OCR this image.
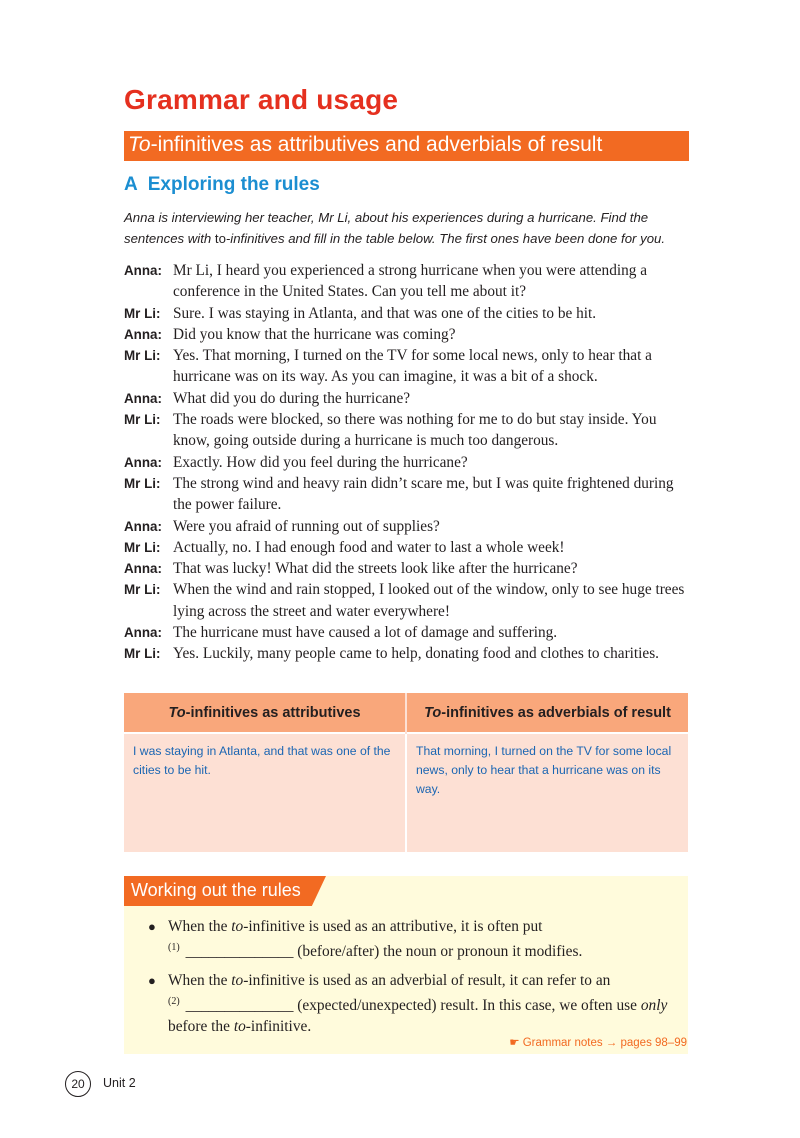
Grammar and usage
To-infinitives as attributives and adverbials of result
A Exploring the rules
Anna is interviewing her teacher, Mr Li, about his experiences during a hurricane. Find the sentences with to-infinitives and fill in the table below. The first ones have been done for you.
Anna: Mr Li, I heard you experienced a strong hurricane when you were attending a conference in the United States. Can you tell me about it?
Mr Li: Sure. I was staying in Atlanta, and that was one of the cities to be hit.
Anna: Did you know that the hurricane was coming?
Mr Li: Yes. That morning, I turned on the TV for some local news, only to hear that a hurricane was on its way. As you can imagine, it was a bit of a shock.
Anna: What did you do during the hurricane?
Mr Li: The roads were blocked, so there was nothing for me to do but stay inside. You know, going outside during a hurricane is much too dangerous.
Anna: Exactly. How did you feel during the hurricane?
Mr Li: The strong wind and heavy rain didn’t scare me, but I was quite frightened during the power failure.
Anna: Were you afraid of running out of supplies?
Mr Li: Actually, no. I had enough food and water to last a whole week!
Anna: That was lucky! What did the streets look like after the hurricane?
Mr Li: When the wind and rain stopped, I looked out of the window, only to see huge trees lying across the street and water everywhere!
Anna: The hurricane must have caused a lot of damage and suffering.
Mr Li: Yes. Luckily, many people came to help, donating food and clothes to charities.
To-infinitives as attributives	To-infinitives as adverbials of result
I was staying in Atlanta, and that was one of the cities to be hit.	That morning, I turned on the TV for some local news, only to hear that a hurricane was on its way.
Working out the rules
● When the to-infinitive is used as an attributive, it is often put
$^{(1)}$ ______________ (before/after) the noun or pronoun it modifies.
● When the to-infinitive is used as an adverbial of result, it can refer to an
$^{(2)}$ ______________ (expected/unexpected) result. In this case, we often use only before the to-infinitive.
☛ Grammar notes → pages 98–99
20	Unit 2
